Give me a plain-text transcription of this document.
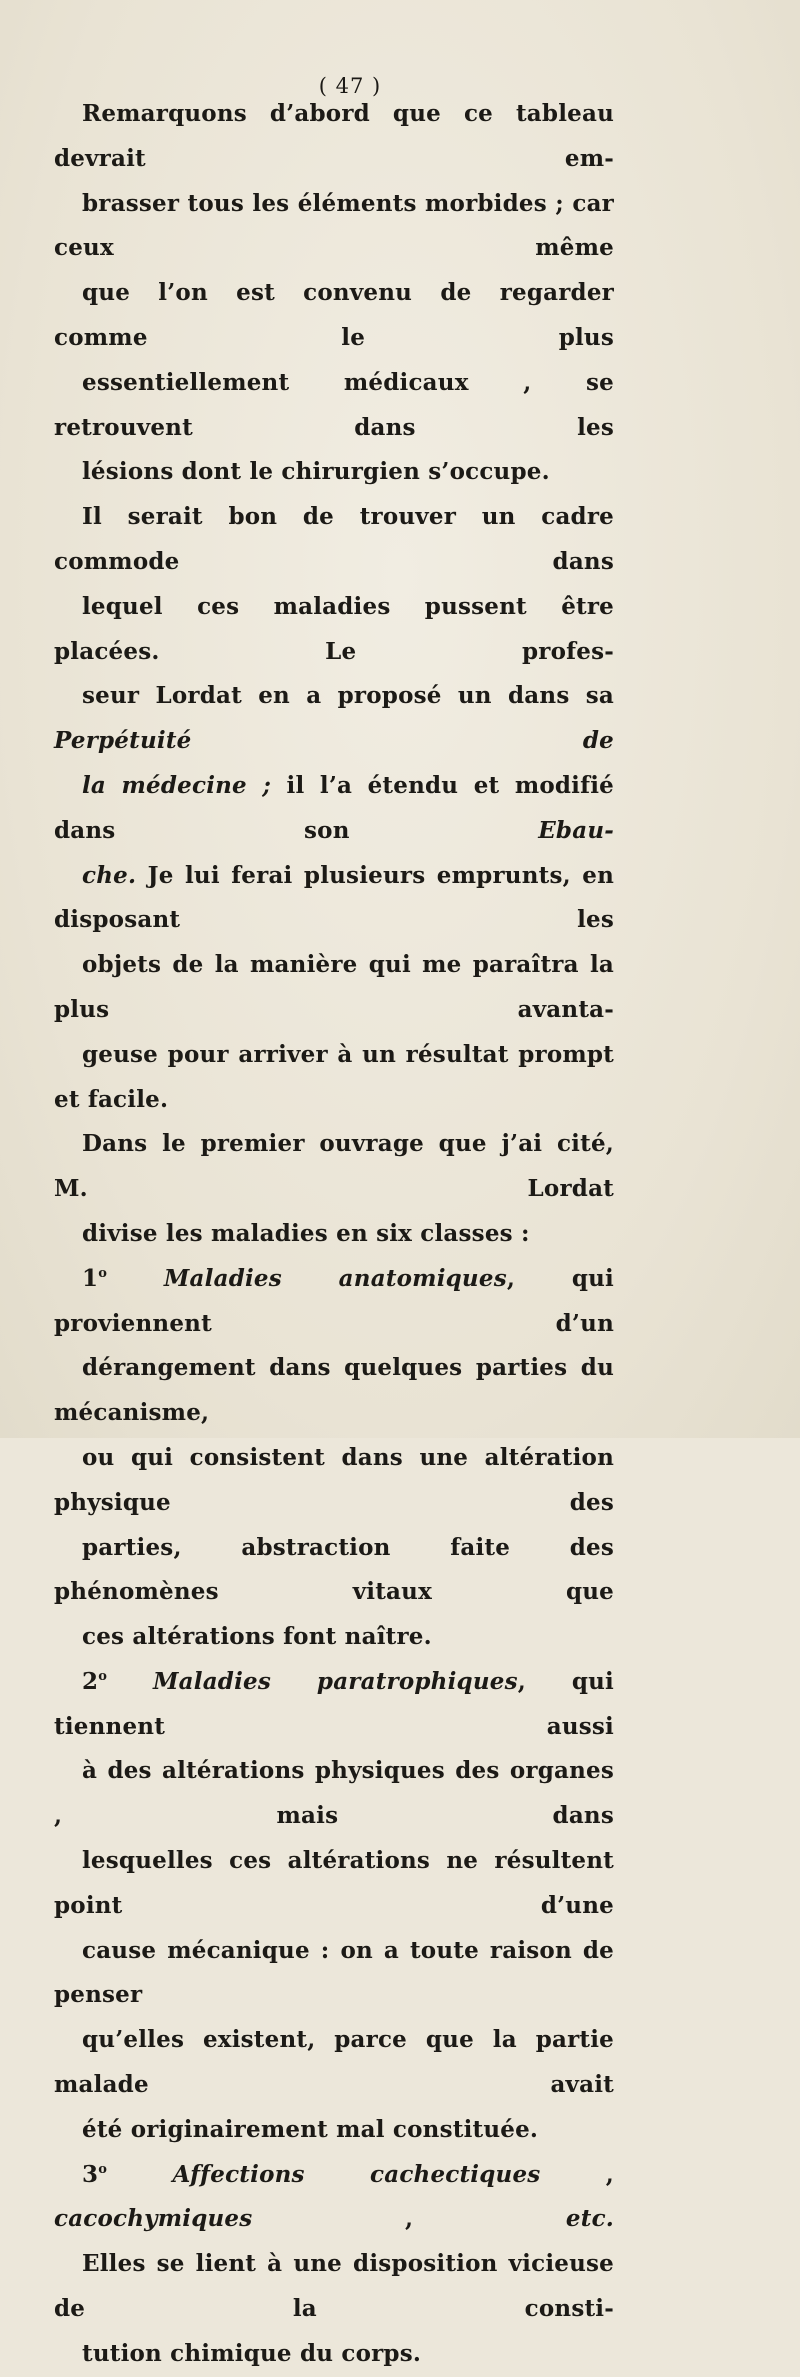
( 47 )

Remarquons d’abord que ce tableau devrait em-
brasser tous les éléments morbides ; car ceux même
que l’on est convenu de regarder comme le plus
essentiellement médicaux , se retrouvent dans les
lésions dont le chirurgien s’occupe.

Il serait bon de trouver un cadre commode dans
lequel ces maladies pussent être placées. Le profes-
seur Lordat en a proposé un dans sa Perpétuité de
la médecine ; il l’a étendu et modifié dans son Ebau-
che. Je lui ferai plusieurs emprunts, en disposant les
objets de la manière qui me paraîtra la plus avanta-
geuse pour arriver à un résultat prompt et facile.

Dans le premier ouvrage que j’ai cité, M. Lordat
divise les maladies en six classes :

1$^o$ Maladies anatomiques, qui proviennent d’un
dérangement dans quelques parties du mécanisme,
ou qui consistent dans une altération physique des
parties, abstraction faite des phénomènes vitaux que
ces altérations font naître.

2$^o$ Maladies paratrophiques, qui tiennent aussi
à des altérations physiques des organes , mais dans
lesquelles ces altérations ne résultent point d’une
cause mécanique : on a toute raison de penser
qu’elles existent, parce que la partie malade avait
été originairement mal constituée.

3$^o$	Affections cachectiques , cacochymiques , etc.
Elles se lient à une disposition vicieuse de la consti-
tution chimique du corps.
